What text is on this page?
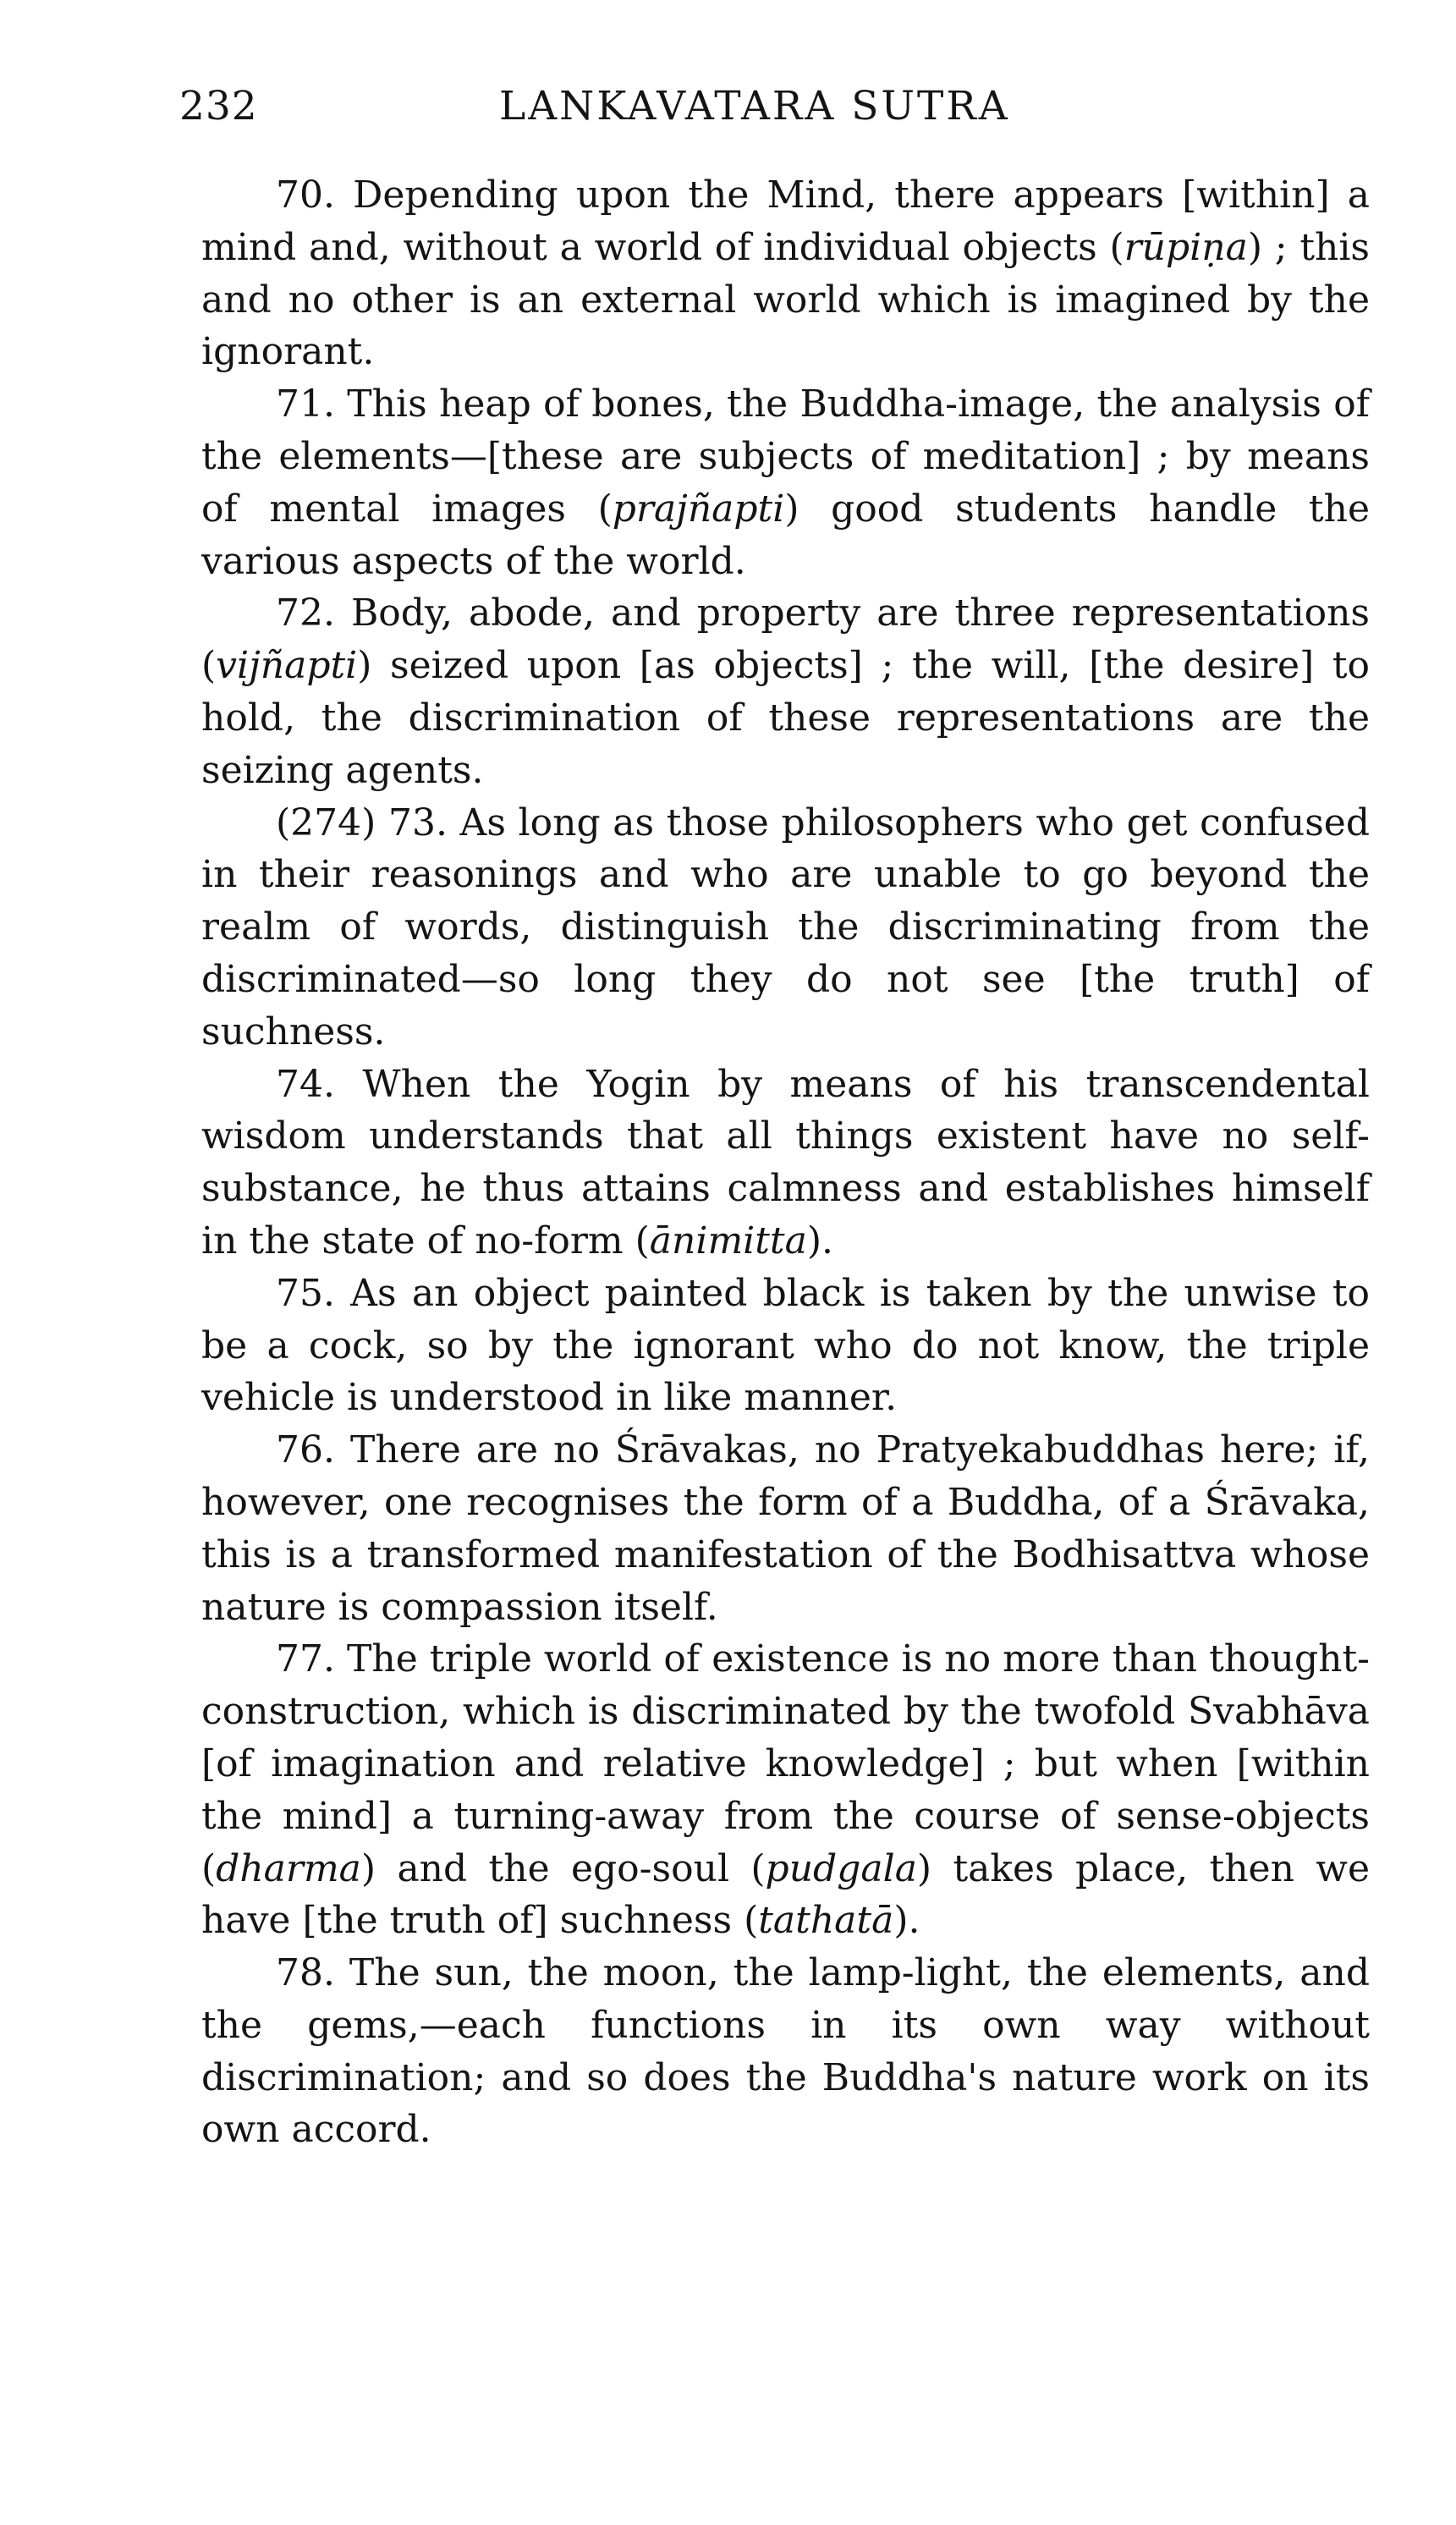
232	LANKAVATARA SUTRA

70. Depending upon the Mind, there appears [within] a mind and, without a world of individual objects (rūpiṇa) ; this and no other is an external world which is imagined by the ignorant.

71. This heap of bones, the Buddha-image, the analysis of the elements—[these are subjects of meditation] ; by means of mental images (prajñapti) good students handle the various aspects of the world.

72. Body, abode, and property are three representations (vijñapti) seized upon [as objects] ; the will, [the desire] to hold, the discrimination of these representations are the seizing agents.

(274) 73. As long as those philosophers who get confused in their reasonings and who are unable to go beyond the realm of words, distinguish the discriminating from the discriminated—so long they do not see [the truth] of suchness.

74. When the Yogin by means of his transcendental wisdom understands that all things existent have no self-substance, he thus attains calmness and establishes himself in the state of no-form (ānimitta).

75. As an object painted black is taken by the unwise to be a cock, so by the ignorant who do not know, the triple vehicle is understood in like manner.

76. There are no Śrāvakas, no Pratyekabuddhas here; if, however, one recognises the form of a Buddha, of a Śrāvaka, this is a transformed manifestation of the Bodhisattva whose nature is compassion itself.

77. The triple world of existence is no more than thought-construction, which is discriminated by the twofold Svabhāva [of imagination and relative knowledge] ; but when [within the mind] a turning-away from the course of sense-objects (dharma) and the ego-soul (pudgala) takes place, then we have [the truth of] suchness (tathatā).

78. The sun, the moon, the lamp-light, the elements, and the gems,—each functions in its own way without discrimination; and so does the Buddha's nature work on its own accord.
